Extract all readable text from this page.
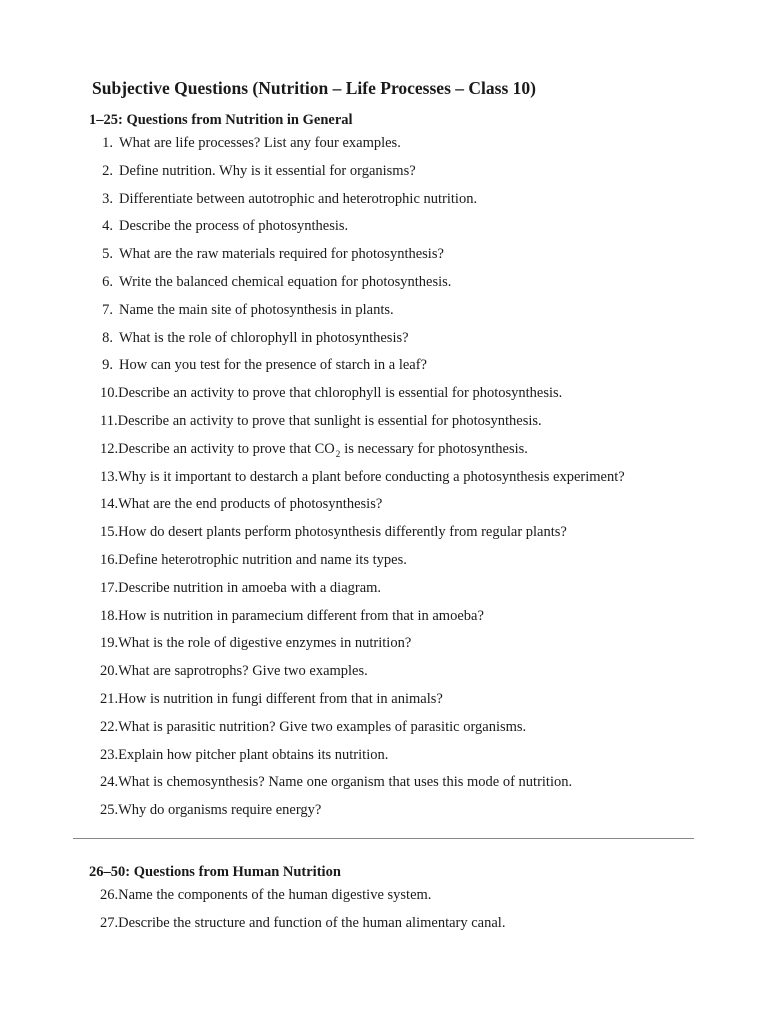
Subjective Questions (Nutrition – Life Processes – Class 10)
1–25: Questions from Nutrition in General
1. What are life processes? List any four examples.
2. Define nutrition. Why is it essential for organisms?
3. Differentiate between autotrophic and heterotrophic nutrition.
4. Describe the process of photosynthesis.
5. What are the raw materials required for photosynthesis?
6. Write the balanced chemical equation for photosynthesis.
7. Name the main site of photosynthesis in plants.
8. What is the role of chlorophyll in photosynthesis?
9. How can you test for the presence of starch in a leaf?
10.Describe an activity to prove that chlorophyll is essential for photosynthesis.
11.Describe an activity to prove that sunlight is essential for photosynthesis.
12.Describe an activity to prove that $CO_2$ is necessary for photosynthesis.
13.Why is it important to destarch a plant before conducting a photosynthesis experiment?
14.What are the end products of photosynthesis?
15.How do desert plants perform photosynthesis differently from regular plants?
16.Define heterotrophic nutrition and name its types.
17.Describe nutrition in amoeba with a diagram.
18.How is nutrition in paramecium different from that in amoeba?
19.What is the role of digestive enzymes in nutrition?
20.What are saprotrophs? Give two examples.
21.How is nutrition in fungi different from that in animals?
22.What is parasitic nutrition? Give two examples of parasitic organisms.
23.Explain how pitcher plant obtains its nutrition.
24.What is chemosynthesis? Name one organism that uses this mode of nutrition.
25.Why do organisms require energy?
26–50: Questions from Human Nutrition
26.Name the components of the human digestive system.
27.Describe the structure and function of the human alimentary canal.
